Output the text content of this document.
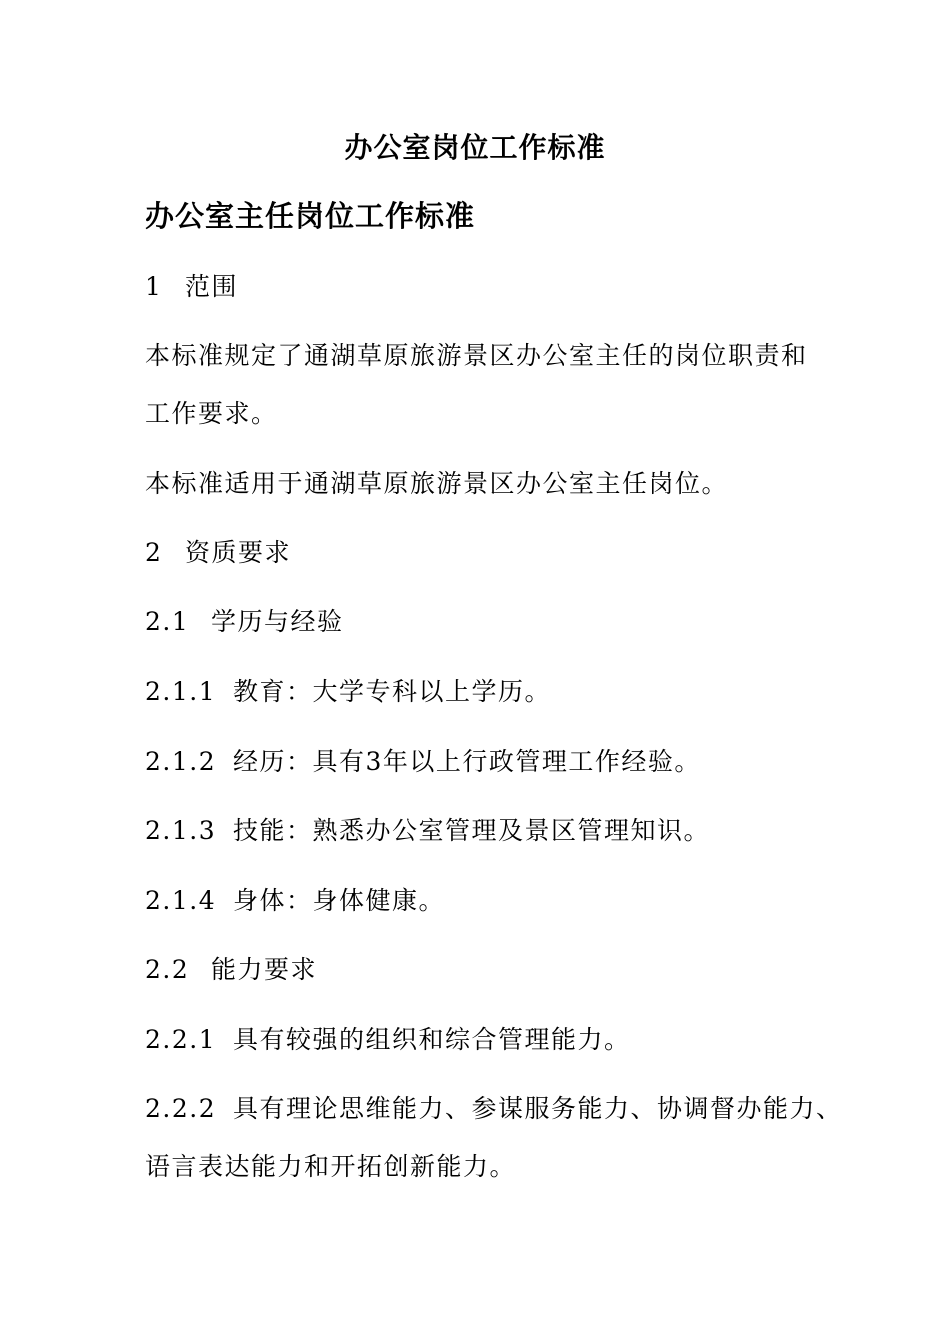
办公室岗位工作标准
办公室主任岗位工作标准
1 范围
本标准规定了通湖草原旅游景区办公室主任的岗位职责和
工作要求。
本标准适用于通湖草原旅游景区办公室主任岗位。
2 资质要求
2.1 学历与经验
2.1.1 教育：大学专科以上学历。
2.1.2 经历：具有3年以上行政管理工作经验。
2.1.3 技能：熟悉办公室管理及景区管理知识。
2.1.4 身体：身体健康。
2.2 能力要求
2.2.1 具有较强的组织和综合管理能力。
2.2.2 具有理论思维能力、参谋服务能力、协调督办能力、
语言表达能力和开拓创新能力。
